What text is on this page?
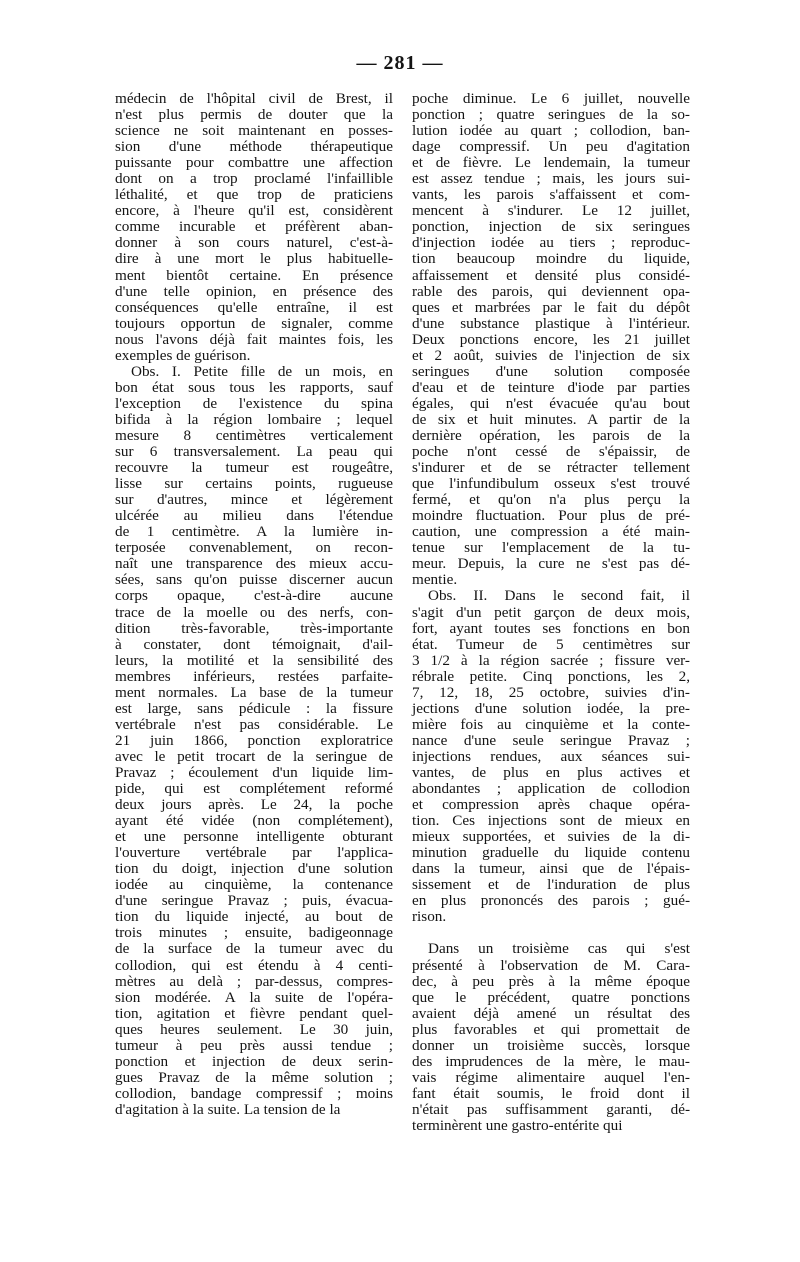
— 281 —
médecin de l'hôpital civil de Brest, il
n'est plus permis de douter que la
science ne soit maintenant en posses-
sion d'une méthode thérapeutique
puissante pour combattre une affection
dont on a trop proclamé l'infaillible
léthalité, et que trop de praticiens
encore, à l'heure qu'il est, considèrent
comme incurable et préfèrent aban-
donner à son cours naturel, c'est-à-
dire à une mort le plus habituelle-
ment bientôt certaine. En présence
d'une telle opinion, en présence des
conséquences qu'elle entraîne, il est
toujours opportun de signaler, comme
nous l'avons déjà fait maintes fois, les
exemples de guérison.
Obs. I. Petite fille de un mois, en
bon état sous tous les rapports, sauf
l'exception de l'existence du spina
bifida à la région lombaire ; lequel
mesure 8 centimètres verticalement
sur 6 transversalement. La peau qui
recouvre la tumeur est rougeâtre,
lisse sur certains points, rugueuse
sur d'autres, mince et légèrement
ulcérée au milieu dans l'étendue
de 1 centimètre. A la lumière in-
terposée convenablement, on recon-
naît une transparence des mieux accu-
sées, sans qu'on puisse discerner aucun
corps opaque, c'est-à-dire aucune
trace de la moelle ou des nerfs, con-
dition très-favorable, très-importante
à constater, dont témoignait, d'ail-
leurs, la motilité et la sensibilité des
membres inférieurs, restées parfaite-
ment normales. La base de la tumeur
est large, sans pédicule : la fissure
vertébrale n'est pas considérable. Le
21 juin 1866, ponction exploratrice
avec le petit trocart de la seringue de
Pravaz ; écoulement d'un liquide lim-
pide, qui est complétement reformé
deux jours après. Le 24, la poche
ayant été vidée (non complétement),
et une personne intelligente obturant
l'ouverture vertébrale par l'applica-
tion du doigt, injection d'une solution
iodée au cinquième, la contenance
d'une seringue Pravaz ; puis, évacua-
tion du liquide injecté, au bout de
trois minutes ; ensuite, badigeonnage
de la surface de la tumeur avec du
collodion, qui est étendu à 4 centi-
mètres au delà ; par-dessus, compres-
sion modérée. A la suite de l'opéra-
tion, agitation et fièvre pendant quel-
ques heures seulement. Le 30 juin,
tumeur à peu près aussi tendue ;
ponction et injection de deux serin-
gues Pravaz de la même solution ;
collodion, bandage compressif ; moins
d'agitation à la suite. La tension de la
poche diminue. Le 6 juillet, nouvelle
ponction ; quatre seringues de la so-
lution iodée au quart ; collodion, ban-
dage compressif. Un peu d'agitation
et de fièvre. Le lendemain, la tumeur
est assez tendue ; mais, les jours sui-
vants, les parois s'affaissent et com-
mencent à s'indurer. Le 12 juillet,
ponction, injection de six seringues
d'injection iodée au tiers ; reproduc-
tion beaucoup moindre du liquide,
affaissement et densité plus considé-
rable des parois, qui deviennent opa-
ques et marbrées par le fait du dépôt
d'une substance plastique à l'intérieur.
Deux ponctions encore, les 21 juillet
et 2 août, suivies de l'injection de six
seringues d'une solution composée
d'eau et de teinture d'iode par parties
égales, qui n'est évacuée qu'au bout
de six et huit minutes. A partir de la
dernière opération, les parois de la
poche n'ont cessé de s'épaissir, de
s'indurer et de se rétracter tellement
que l'infundibulum osseux s'est trouvé
fermé, et qu'on n'a plus perçu la
moindre fluctuation. Pour plus de pré-
caution, une compression a été main-
tenue sur l'emplacement de la tu-
meur. Depuis, la cure ne s'est pas dé-
mentie.
Obs. II. Dans le second fait, il
s'agit d'un petit garçon de deux mois,
fort, ayant toutes ses fonctions en bon
état. Tumeur de 5 centimètres sur
3 1/2 à la région sacrée ; fissure ver-
rébrale petite. Cinq ponctions, les 2,
7, 12, 18, 25 octobre, suivies d'in-
jections d'une solution iodée, la pre-
mière fois au cinquième et la conte-
nance d'une seule seringue Pravaz ;
injections rendues, aux séances sui-
vantes, de plus en plus actives et
abondantes ; application de collodion
et compression après chaque opéra-
tion. Ces injections sont de mieux en
mieux supportées, et suivies de la di-
minution graduelle du liquide contenu
dans la tumeur, ainsi que de l'épais-
sissement et de l'induration de plus
en plus prononcés des parois ; gué-
rison.
Dans un troisième cas qui s'est
présenté à l'observation de M. Cara-
dec, à peu près à la même époque
que le précédent, quatre ponctions
avaient déjà amené un résultat des
plus favorables et qui promettait de
donner un troisième succès, lorsque
des imprudences de la mère, le mau-
vais régime alimentaire auquel l'en-
fant était soumis, le froid dont il
n'était pas suffisamment garanti, dé-
terminèrent une gastro-entérite qui
